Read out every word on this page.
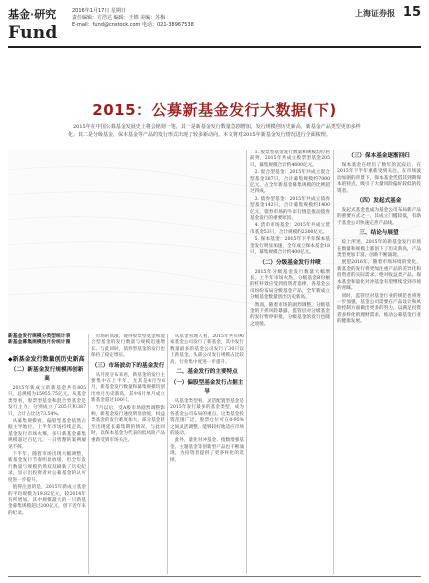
基金·研究
Fund
2016年1月17日 星期日
责任编辑：方浩达 编辑：王锦 美编：苏梅
E-mail：fund@cnstock.com 电话：021-38967538
上海证券报 15
2015：公募新基金发行大数据(下)
2015年在中国公募基金发展史上将会铭刻一笔。其一是新基金发行数量急剧增加，发行规模创历史新高，新基金产品类型更加多样化；其二是分级基金、保本基金等产品的发行形式出现了较多新动向。本文将对2015年新基金发行情况进行全面梳理。
新基金发行规模分类型统计表
新基金募集规模按月份统计图
◆新基金发行数量创历史新高
（二）新基金发行规模再创新高

2015年新成立的新基金共有805只，总规模为15955.75亿元。从基金类型看，股票型基金和混合型基金是发行主力，分别成立了205只和387只，合计占比达73.54%。

从募集规模看，偏股型基金依然占据主导地位。上半年市场持续走高，基金发行市场火爆，多只新基金募集规模超过百亿元，一日售罄的案例屡见不鲜。

下半年，随着市场出现大幅调整，新基金发行节奏明显放缓，但全年发行数量与规模仍然双双刷新了历史纪录，显示出投资者对公募基金的认可度进一步提升。

值得注意的是，2015年新成立基金的平均规模为19.82亿元，较2014年有所增加。其中规模最大的一只新基金募集规模超过200亿元，创下近年来的纪录。

市场的高涨，使得股票型基金和混合型基金的发行数量与规模迅速增长。与此同时，债券型基金的发行也保持了稳定增长。

（三）市场波动下的基金发行

从月度分布来看，新基金的发行主要集中在上半年，尤其是4月至6月，新基金发行数量和募集规模均创出单月历史新高，其中6月单月成立新基金超过100只。

7月以后，受A股市场剧烈调整影响，新基金发行速度明显放缓，权益类基金的发行难度加大，部分基金甚至出现延长募集期的情况。与此同时，以保本基金为代表的低风险产品重新受到市场关注。

从基金管理人看，2015年共有96家基金公司发行了新基金，其中发行数量最多的基金公司发行了30只以上新基金。头部公司发行规模占比较高，行业集中度进一步提升。

二、基金发行的主要特点
（一）偏股型基金发行占据主导

从基金类型看，灵活配置型基金是2015年发行最多的基金类型，成为各基金公司布局的重点。这类基金投资范围广泛，股票仓位可在0-95%之间灵活调整，能够较好地适应市场的波动。

此外，量化对冲基金、指数增强基金、主题基金等创新型产品也不断涌现，为投资者提供了更多样化的选择。

1. 股票型基金发行数量和规模均位居前列，2015年共成立股票型基金205只，募集规模合计约4600亿元。

2. 混合型基金：2015年共成立混合型基金387只，合计募集规模约7000亿元，占全年新基金募集规模的比例超过四成。

3. 债券型基金：2015年共成立债券型基金142只，合计募集规模约1400亿元，债券市场的牛市行情是推动债券基金发行的重要原因。

4. 货币市场基金：2015年共成立货币基金53只，合计规模约2300亿元。

5. 保本基金：2015年下半年保本基金发行明显加速，全年成立保本基金18只，募集规模合计约400亿元。

（二）分级基金发行井喷

2015年分级基金发行数量大幅增长。上半年市场火热，分级基金B份额的杠杆效应受到投资者追捧，各基金公司纷纷布局分级基金产品，全年新成立分级基金数量创出历史新高。

然而，随着市场的剧烈调整，分级基金的下折风险暴露，监管层对分级基金的发行暂停审批，分级基金的发行也随之放缓。

（三）保本基金逐渐回归

保本基金在经历了数年的沉寂后，在2015年下半年重新受到关注。在市场波动加剧的背景下，保本基金凭借其到期保本的特点，吸引了大量风险偏好较低的投资者。

（四）发起式基金

发起式基金也成为基金公司布局新产品的重要方式之一，其成立门槛较低，有助于基金公司快速完善产品线。

三、结论与展望

综上所述，2015年的新基金发行市场在数量和规模上都创下了历史新高，产品类型更加丰富，创新不断涌现。

展望2016年，随着市场环境的变化，新基金的发行将更加注重产品的差异化和投资者的实际需求。绝对收益类产品、保本基金和量化对冲基金有望继续受到市场的青睐。

同时，监管层对基金行业的规范也将进一步加强，基金公司需要在产品设计和风险控制方面做出更多的努力，以满足投资者多样化的理财需求，推动公募基金行业的健康发展。
